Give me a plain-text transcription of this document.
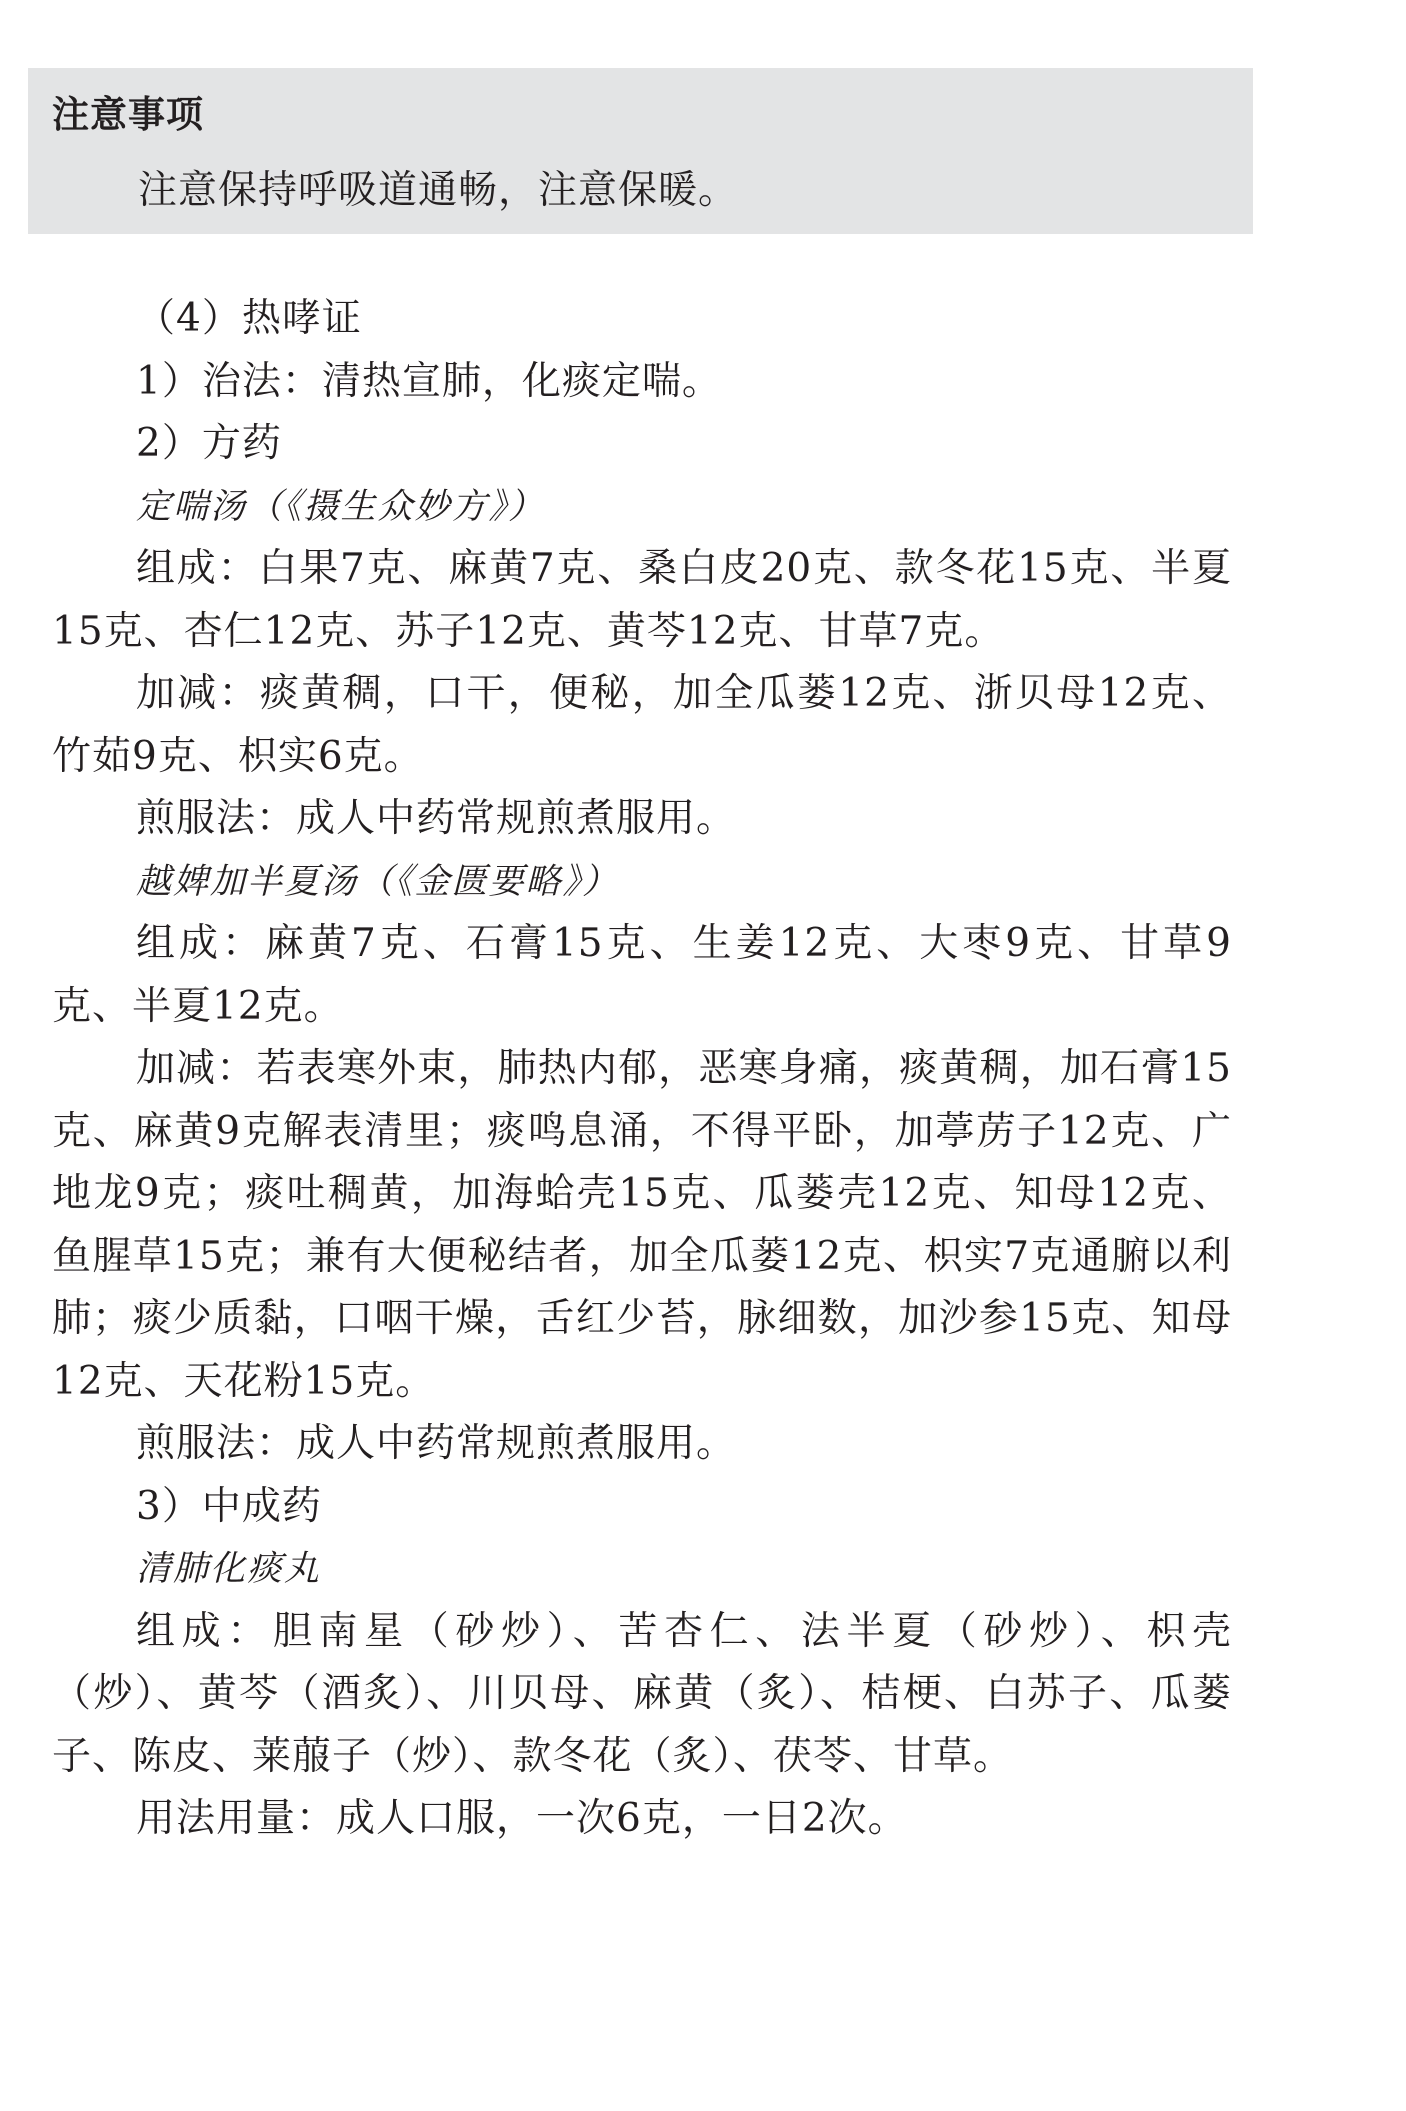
注意事项
注意保持呼吸道通畅，注意保暖。

（4）热哮证

1）治法：清热宣肺，化痰定喘。

2）方药

定喘汤（《摄生众妙方》）

组成：白果7克、麻黄7克、桑白皮20克、款冬花15克、半夏15克、杏仁12克、苏子12克、黄芩12克、甘草7克。

加减：痰黄稠，口干，便秘，加全瓜蒌12克、浙贝母12克、竹茹9克、枳实6克。

煎服法：成人中药常规煎煮服用。

越婢加半夏汤（《金匮要略》）

组成：麻黄7克、石膏15克、生姜12克、大枣9克、甘草9克、半夏12克。

加减：若表寒外束，肺热内郁，恶寒身痛，痰黄稠，加石膏15克、麻黄9克解表清里；痰鸣息涌，不得平卧，加葶苈子12克、广地龙9克；痰吐稠黄，加海蛤壳15克、瓜蒌壳12克、知母12克、鱼腥草15克；兼有大便秘结者，加全瓜蒌12克、枳实7克通腑以利肺；痰少质黏，口咽干燥，舌红少苔，脉细数，加沙参15克、知母12克、天花粉15克。

煎服法：成人中药常规煎煮服用。

3）中成药

清肺化痰丸

组成：胆南星（砂炒）、苦杏仁、法半夏（砂炒）、枳壳（炒）、黄芩（酒炙）、川贝母、麻黄（炙）、桔梗、白苏子、瓜蒌子、陈皮、莱菔子（炒）、款冬花（炙）、茯苓、甘草。

用法用量：成人口服，一次6克，一日2次。
